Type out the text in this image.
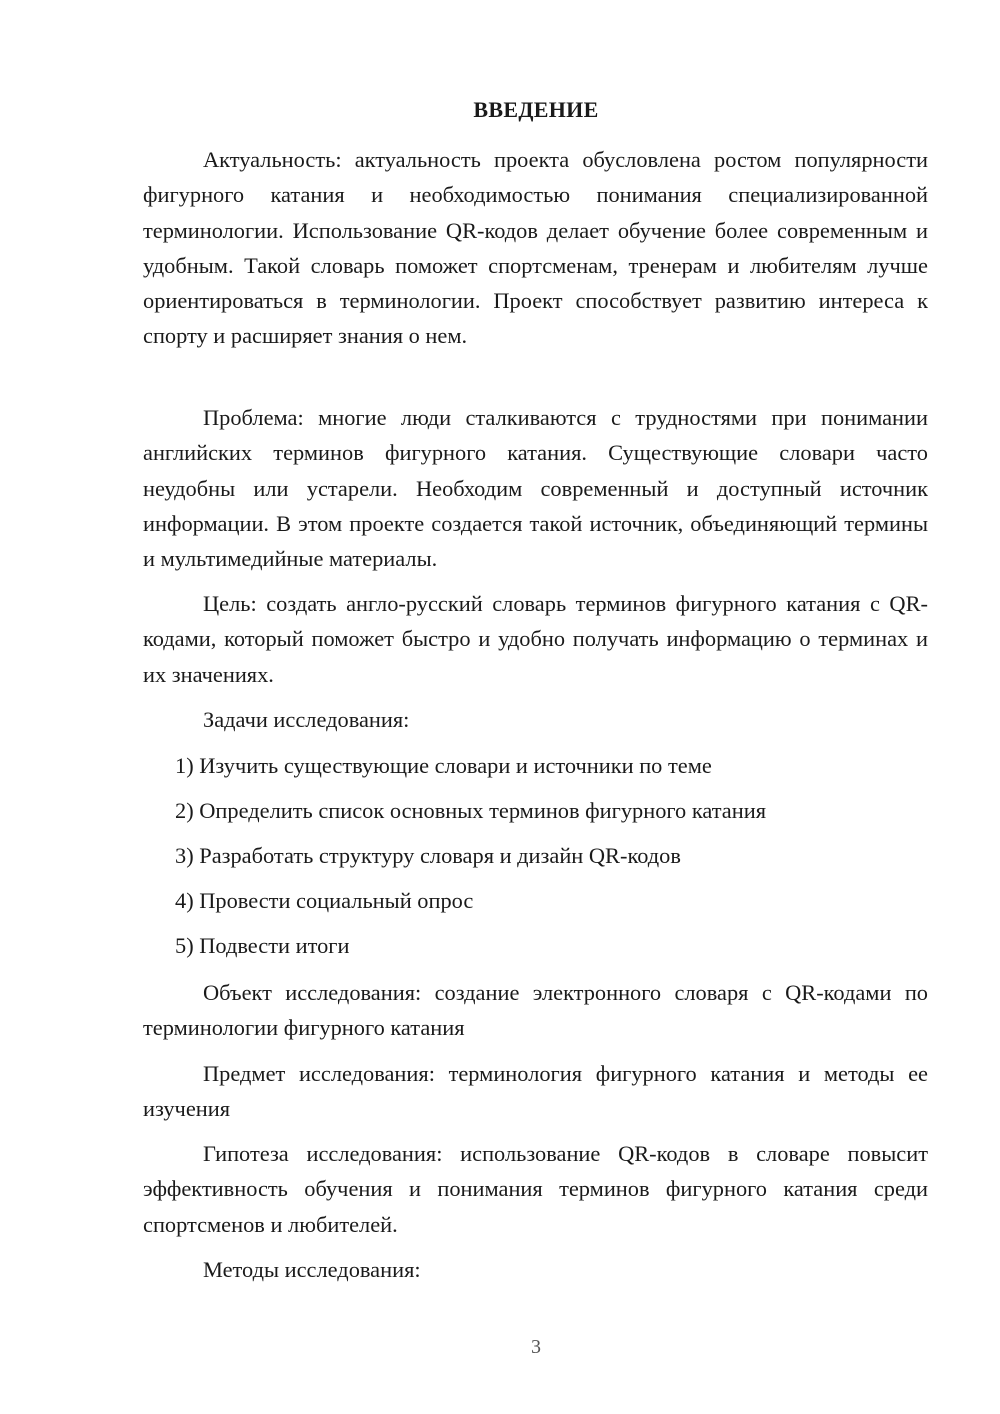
ВВЕДЕНИЕ

Актуальность: актуальность проекта обусловлена ростом популярности фигурного катания и необходимостью понимания специализированной терминологии. Использование QR-кодов делает обучение более современным и удобным. Такой словарь поможет спортсменам, тренерам и любителям лучше ориентироваться в терминологии. Проект способствует развитию интереса к спорту и расширяет знания о нем.

Проблема: многие люди сталкиваются с трудностями при понимании английских терминов фигурного катания. Существующие словари часто неудобны или устарели. Необходим современный и доступный источник информации. В этом проекте создается такой источник, объединяющий термины и мультимедийные материалы.

Цель: создать англо-русский словарь терминов фигурного катания с QR-кодами, который поможет быстро и удобно получать информацию о терминах и их значениях.

Задачи исследования:
1) Изучить существующие словари и источники по теме
2) Определить список основных терминов фигурного катания
3) Разработать структуру словаря и дизайн QR-кодов
4) Провести социальный опрос
5) Подвести итоги

Объект исследования: создание электронного словаря с QR-кодами по терминологии фигурного катания

Предмет исследования: терминология фигурного катания и методы ее изучения

Гипотеза исследования: использование QR-кодов в словаре повысит эффективность обучения и понимания терминов фигурного катания среди спортсменов и любителей.

Методы исследования:
3
